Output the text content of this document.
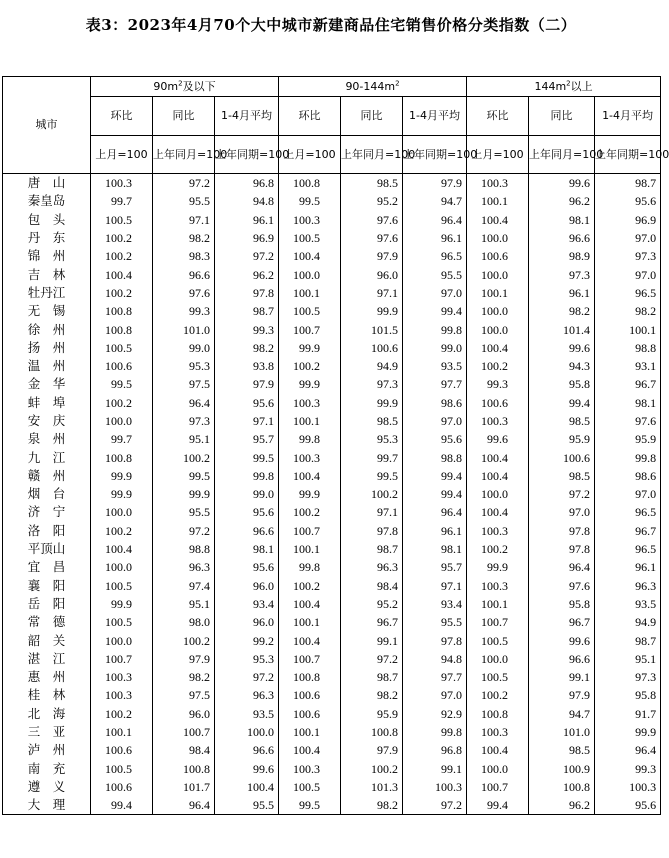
表3：2023年4月70个大中城市新建商品住宅销售价格分类指数（二）
城市	$90m^2$及以下			$90-144m^2$			$144m^2$以上		
	环比	同比	1-4月平均	环比	同比	1-4月平均	环比	同比	1-4月平均
	上月=100	上年同月=100	上年同期=100	上月=100	上年同月=100	上年同期=100	上月=100	上年同月=100	上年同期=100
唐　山	100.3	97.2	96.8	100.8	98.5	97.9	100.3	99.6	98.7
秦皇岛	99.7	95.5	94.8	99.5	95.2	94.7	100.1	96.2	95.6
包　头	100.5	97.1	96.1	100.3	97.6	96.4	100.4	98.1	96.9
丹　东	100.2	98.2	96.9	100.5	97.6	96.1	100.0	96.6	97.0
锦　州	100.2	98.3	97.2	100.4	97.9	96.5	100.6	98.9	97.3
吉　林	100.4	96.6	96.2	100.0	96.0	95.5	100.0	97.3	97.0
牡丹江	100.2	97.6	97.8	100.1	97.1	97.0	100.1	96.1	96.5
无　锡	100.8	99.3	98.7	100.5	99.9	99.4	100.0	98.2	98.2
徐　州	100.8	101.0	99.3	100.7	101.5	99.8	100.0	101.4	100.1
扬　州	100.5	99.0	98.2	99.9	100.6	99.0	100.4	99.6	98.8
温　州	100.6	95.3	93.8	100.2	94.9	93.5	100.2	94.3	93.1
金　华	99.5	97.5	97.9	99.9	97.3	97.7	99.3	95.8	96.7
蚌　埠	100.2	96.4	95.6	100.3	99.9	98.6	100.6	99.4	98.1
安　庆	100.0	97.3	97.1	100.1	98.5	97.0	100.3	98.5	97.6
泉　州	99.7	95.1	95.7	99.8	95.3	95.6	99.6	95.9	95.9
九　江	100.8	100.2	99.5	100.3	99.7	98.8	100.4	100.6	99.8
赣　州	99.9	99.5	99.8	100.4	99.5	99.4	100.4	98.5	98.6
烟　台	99.9	99.9	99.0	99.9	100.2	99.4	100.0	97.2	97.0
济　宁	100.0	95.5	95.6	100.2	97.1	96.4	100.4	97.0	96.5
洛　阳	100.2	97.2	96.6	100.7	97.8	96.1	100.3	97.8	96.7
平顶山	100.4	98.8	98.1	100.1	98.7	98.1	100.2	97.8	96.5
宜　昌	100.0	96.3	95.6	99.8	96.3	95.7	99.9	96.4	96.1
襄　阳	100.5	97.4	96.0	100.2	98.4	97.1	100.3	97.6	96.3
岳　阳	99.9	95.1	93.4	100.4	95.2	93.4	100.1	95.8	93.5
常　德	100.5	98.0	96.0	100.1	96.7	95.5	100.7	96.7	94.9
韶　关	100.0	100.2	99.2	100.4	99.1	97.8	100.5	99.6	98.7
湛　江	100.7	97.9	95.3	100.7	97.2	94.8	100.0	96.6	95.1
惠　州	100.3	98.2	97.2	100.8	98.7	97.7	100.5	99.1	97.3
桂　林	100.3	97.5	96.3	100.6	98.2	97.0	100.2	97.9	95.8
北　海	100.2	96.0	93.5	100.6	95.9	92.9	100.8	94.7	91.7
三　亚	100.1	100.7	100.0	100.1	100.8	99.8	100.3	101.0	99.9
泸　州	100.6	98.4	96.6	100.4	97.9	96.8	100.4	98.5	96.4
南　充	100.5	100.8	99.6	100.3	100.2	99.1	100.0	100.9	99.3
遵　义	100.6	101.7	100.4	100.5	101.3	100.3	100.7	100.8	100.3
大　理	99.4	96.4	95.5	99.5	98.2	97.2	99.4	96.2	95.6
